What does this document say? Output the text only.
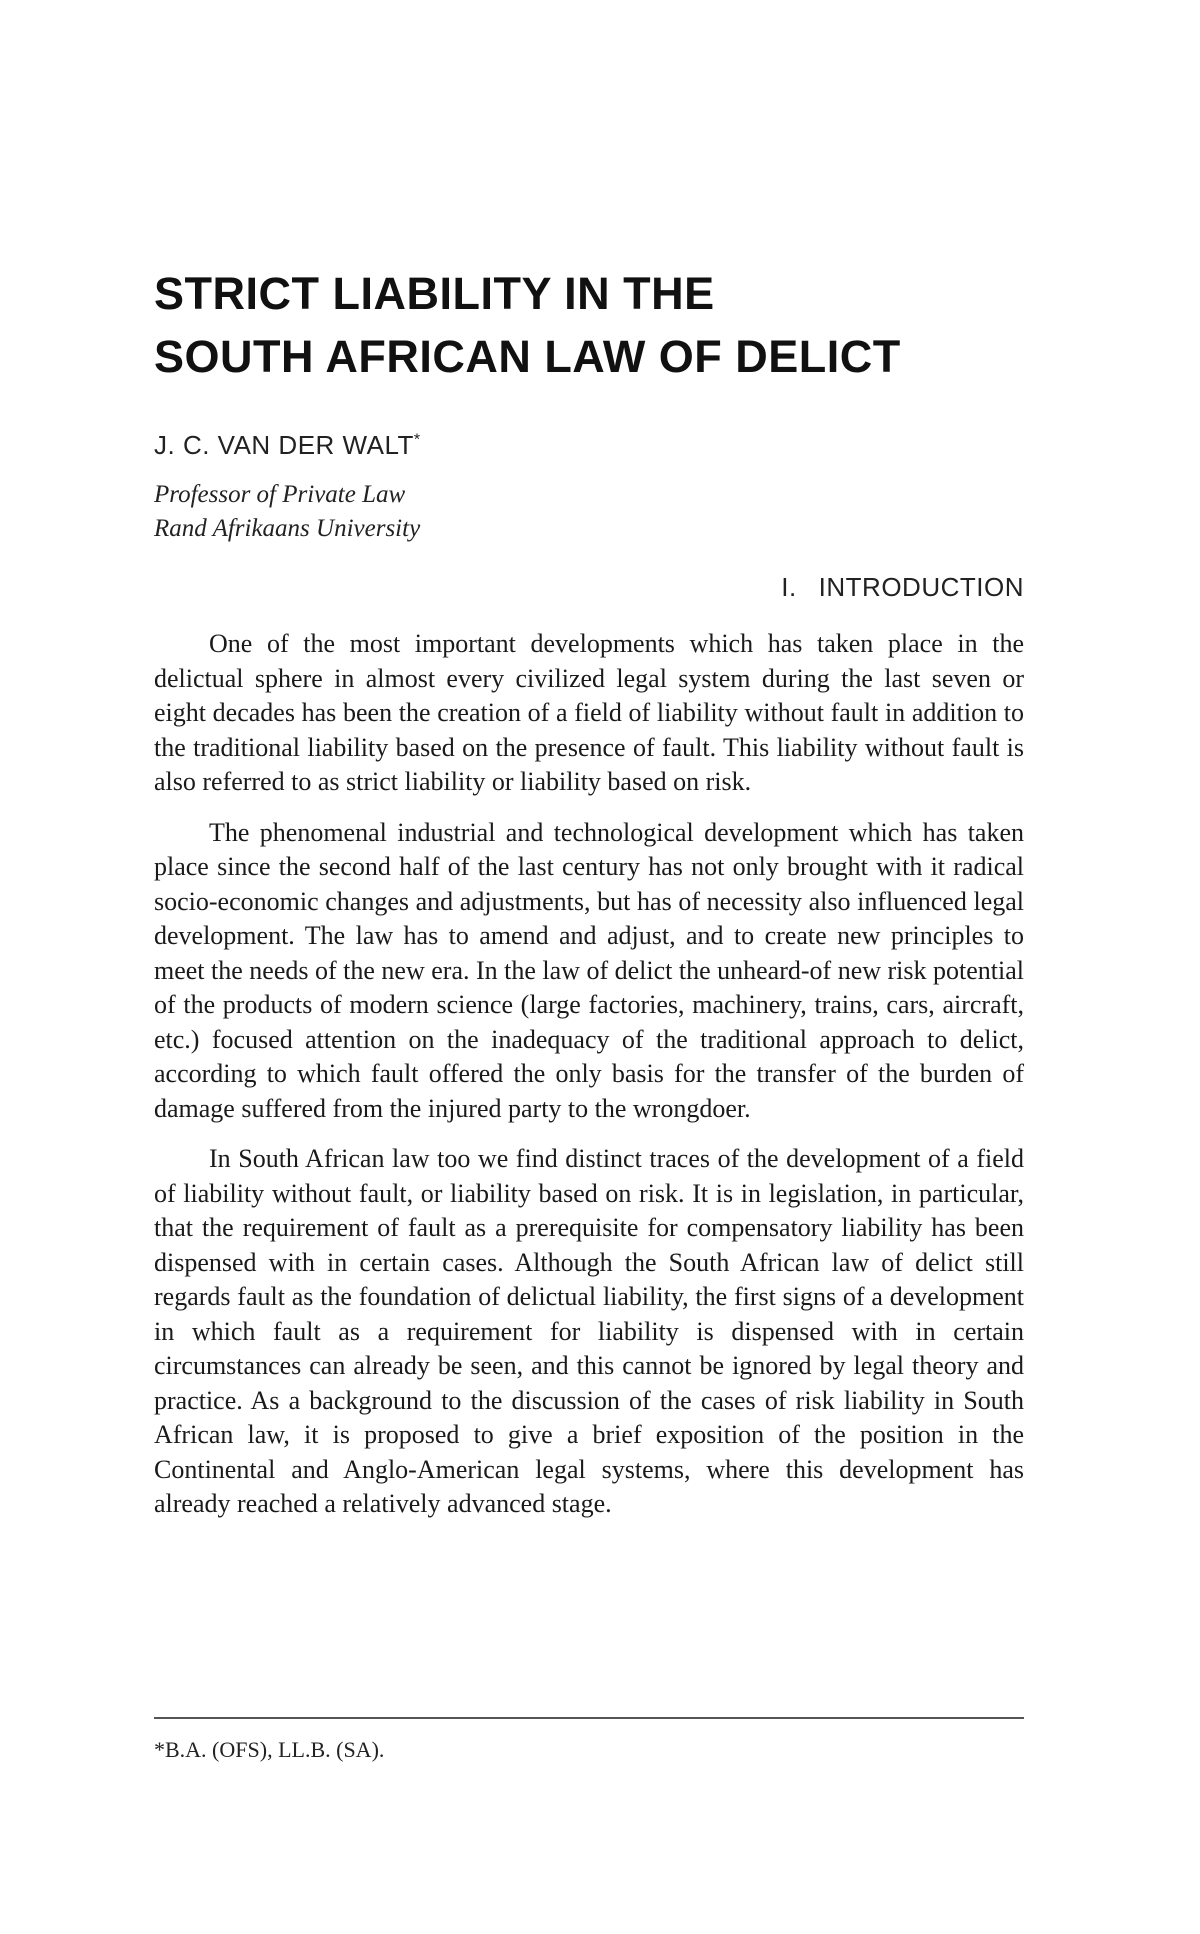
STRICT LIABILITY IN THE
SOUTH AFRICAN LAW OF DELICT
J. C. VAN DER WALT*
Professor of Private Law
Rand Afrikaans University
I. INTRODUCTION

One of the most important developments which has taken place in the delictual sphere in almost every civilized legal system during the last seven or eight decades has been the creation of a field of liability without fault in addition to the traditional liability based on the presence of fault. This liability without fault is also referred to as strict liability or liability based on risk.

The phenomenal industrial and technological development which has taken place since the second half of the last century has not only brought with it radical socio-economic changes and adjustments, but has of necessity also influenced legal development. The law has to amend and adjust, and to create new principles to meet the needs of the new era. In the law of delict the unheard-of new risk potential of the products of modern science (large factories, machinery, trains, cars, aircraft, etc.) focused attention on the inadequacy of the traditional approach to delict, according to which fault offered the only basis for the transfer of the burden of damage suffered from the injured party to the wrongdoer.

In South African law too we find distinct traces of the development of a field of liability without fault, or liability based on risk. It is in legislation, in particular, that the requirement of fault as a prerequisite for compensatory liability has been dispensed with in certain cases. Although the South African law of delict still regards fault as the foundation of delictual liability, the first signs of a development in which fault as a requirement for liability is dispensed with in certain circumstances can already be seen, and this cannot be ignored by legal theory and practice. As a background to the discussion of the cases of risk liability in South African law, it is proposed to give a brief exposition of the position in the Continental and Anglo-American legal systems, where this development has already reached a relatively advanced stage.

*B.A. (OFS), LL.B. (SA).
